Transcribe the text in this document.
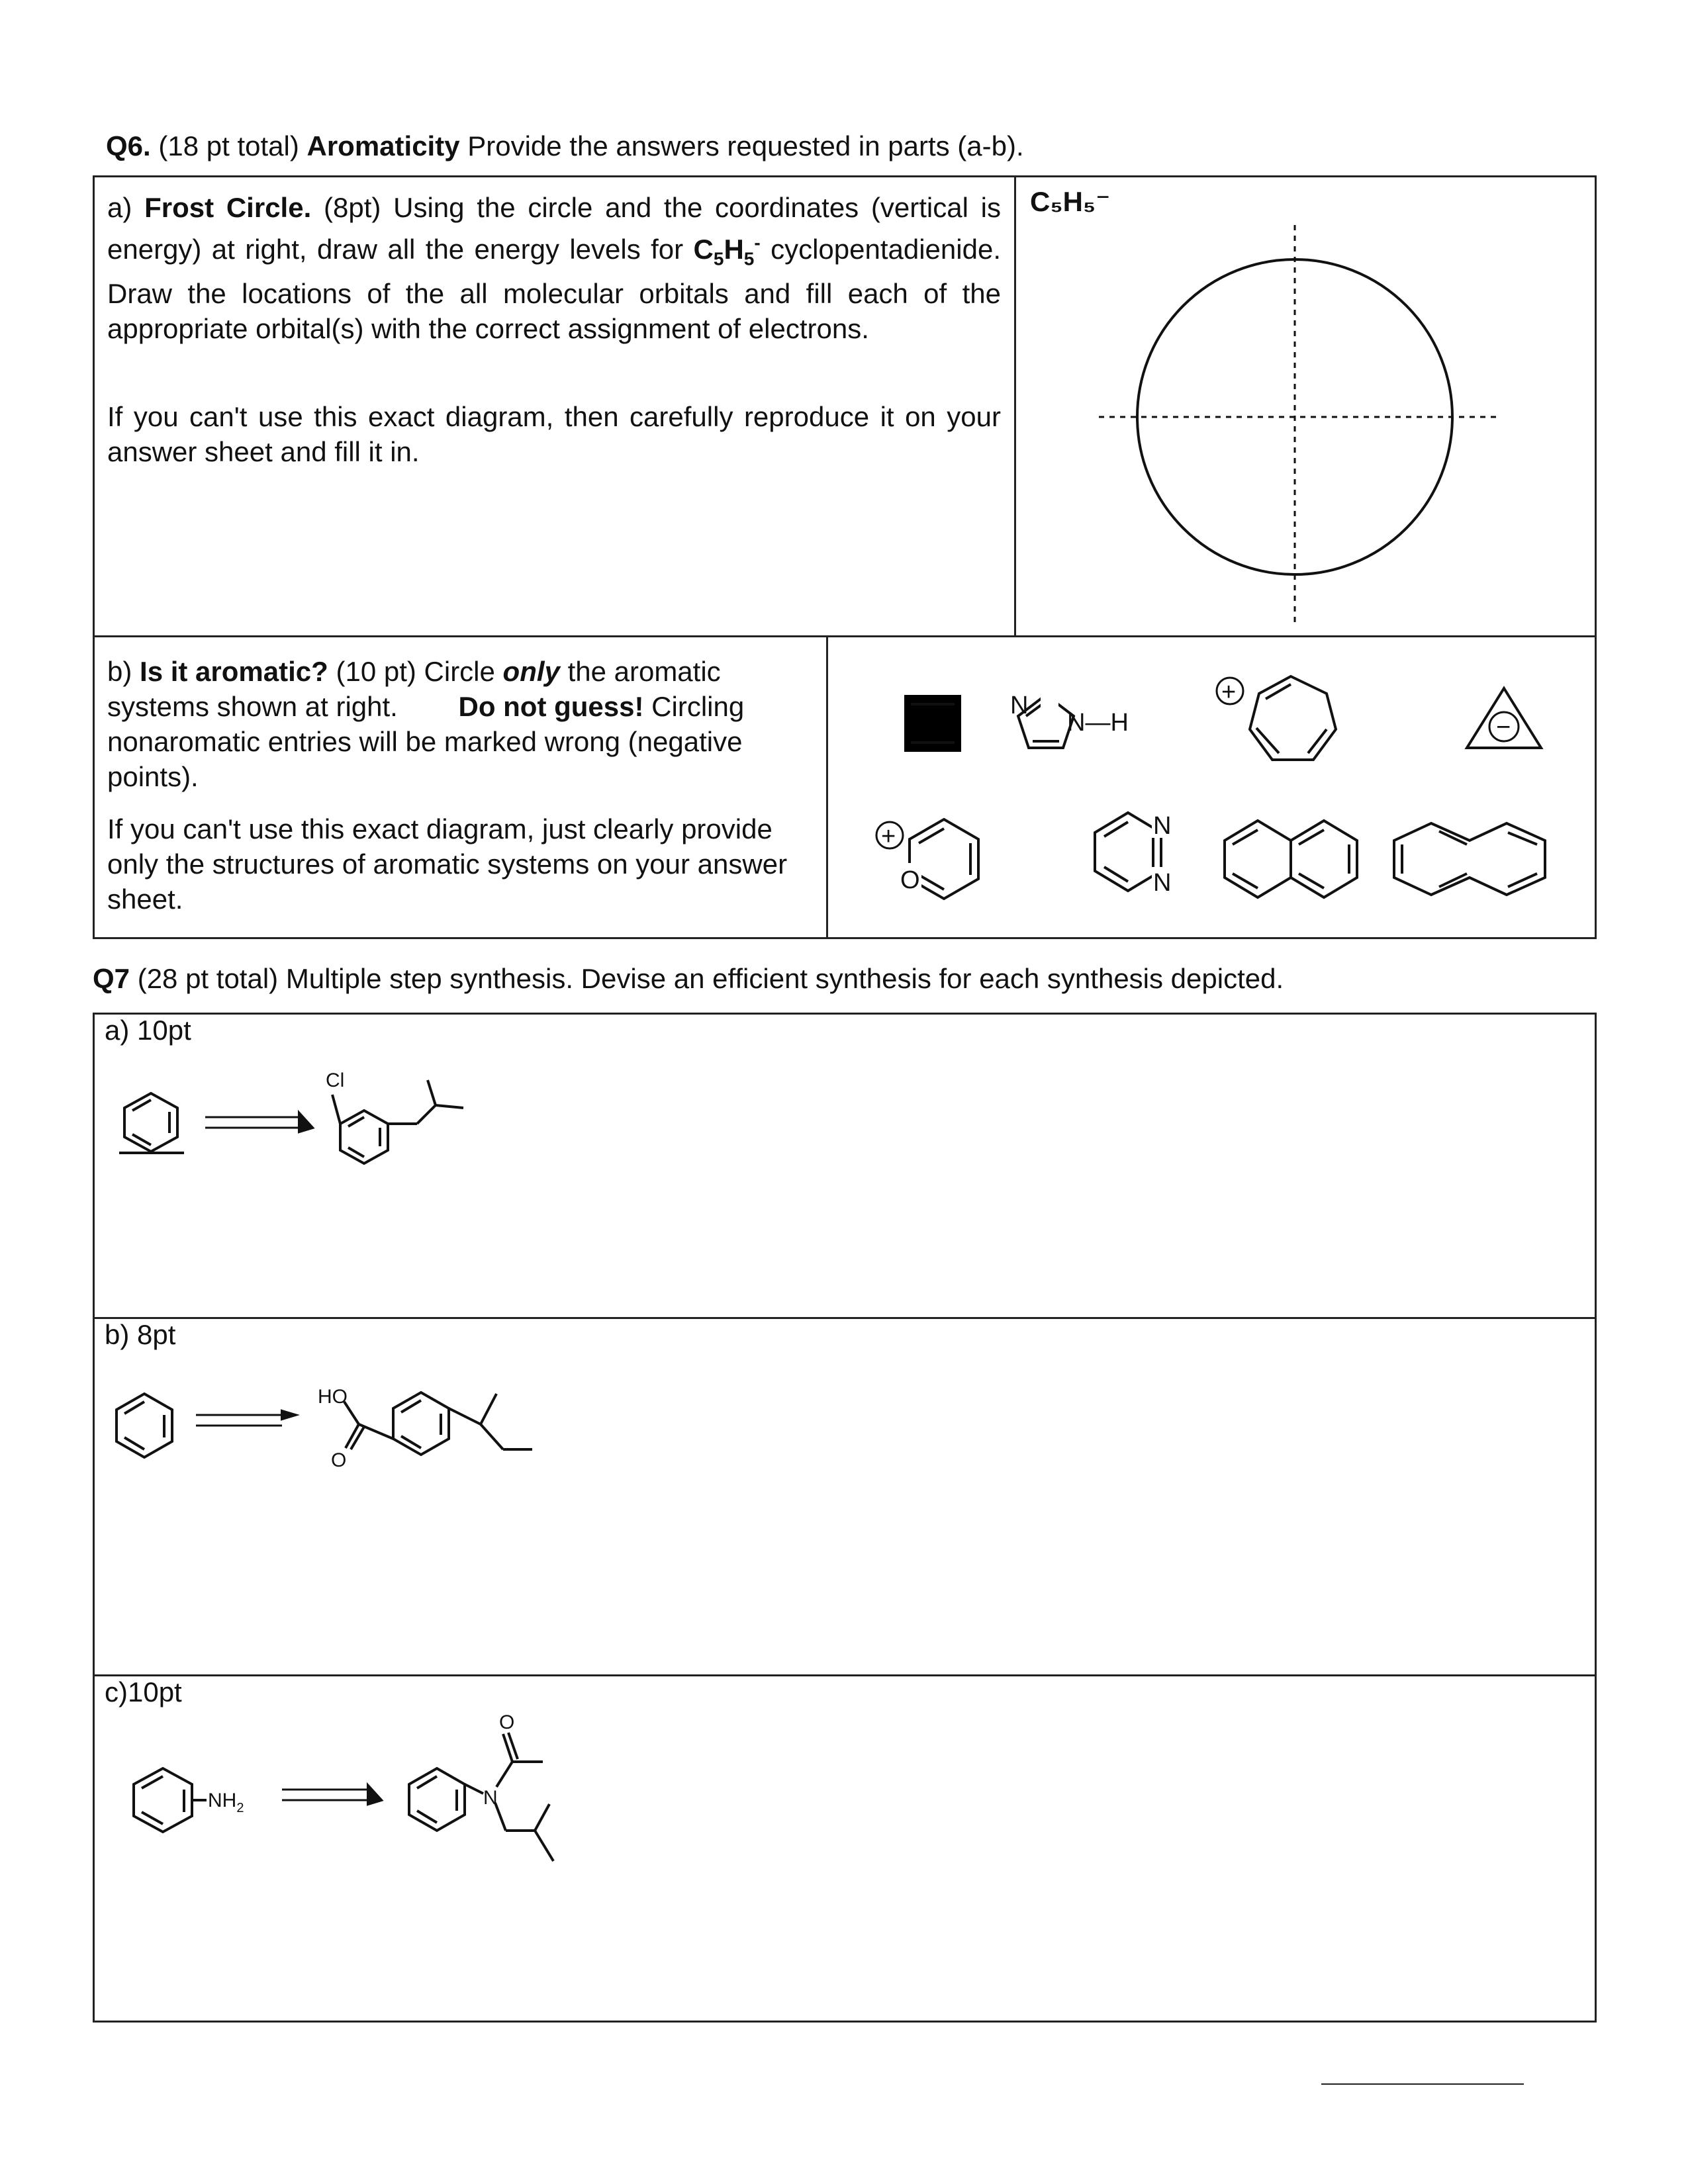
Q6. (18 pt total) Aromaticity Provide the answers requested in parts (a-b).
a) Frost Circle. (8pt) Using the circle and the coordinates (vertical is energy) at right, draw all the energy levels for $C_5H_5^-$ cyclopentadienide. Draw the locations of the all molecular orbitals and fill each of the appropriate orbital(s) with the correct assignment of electrons.
If you can't use this exact diagram, then carefully reproduce it on your answer sheet and fill it in.
C₅H₅⁻
b) Is it aromatic? (10 pt) Circle only the aromatic systems shown at right. Do not guess! Circling nonaromatic entries will be marked wrong (negative points).
If you can't use this exact diagram, just clearly provide only the structures of aromatic systems on your answer sheet.
█
N
N—H
+
−
O
+	N
N
Q7 (28 pt total) Multiple step synthesis. Devise an efficient synthesis for each synthesis depicted.
a) 10pt
Cl
b) 8pt
HO
O
c)10pt
$NH_2$	N
O
